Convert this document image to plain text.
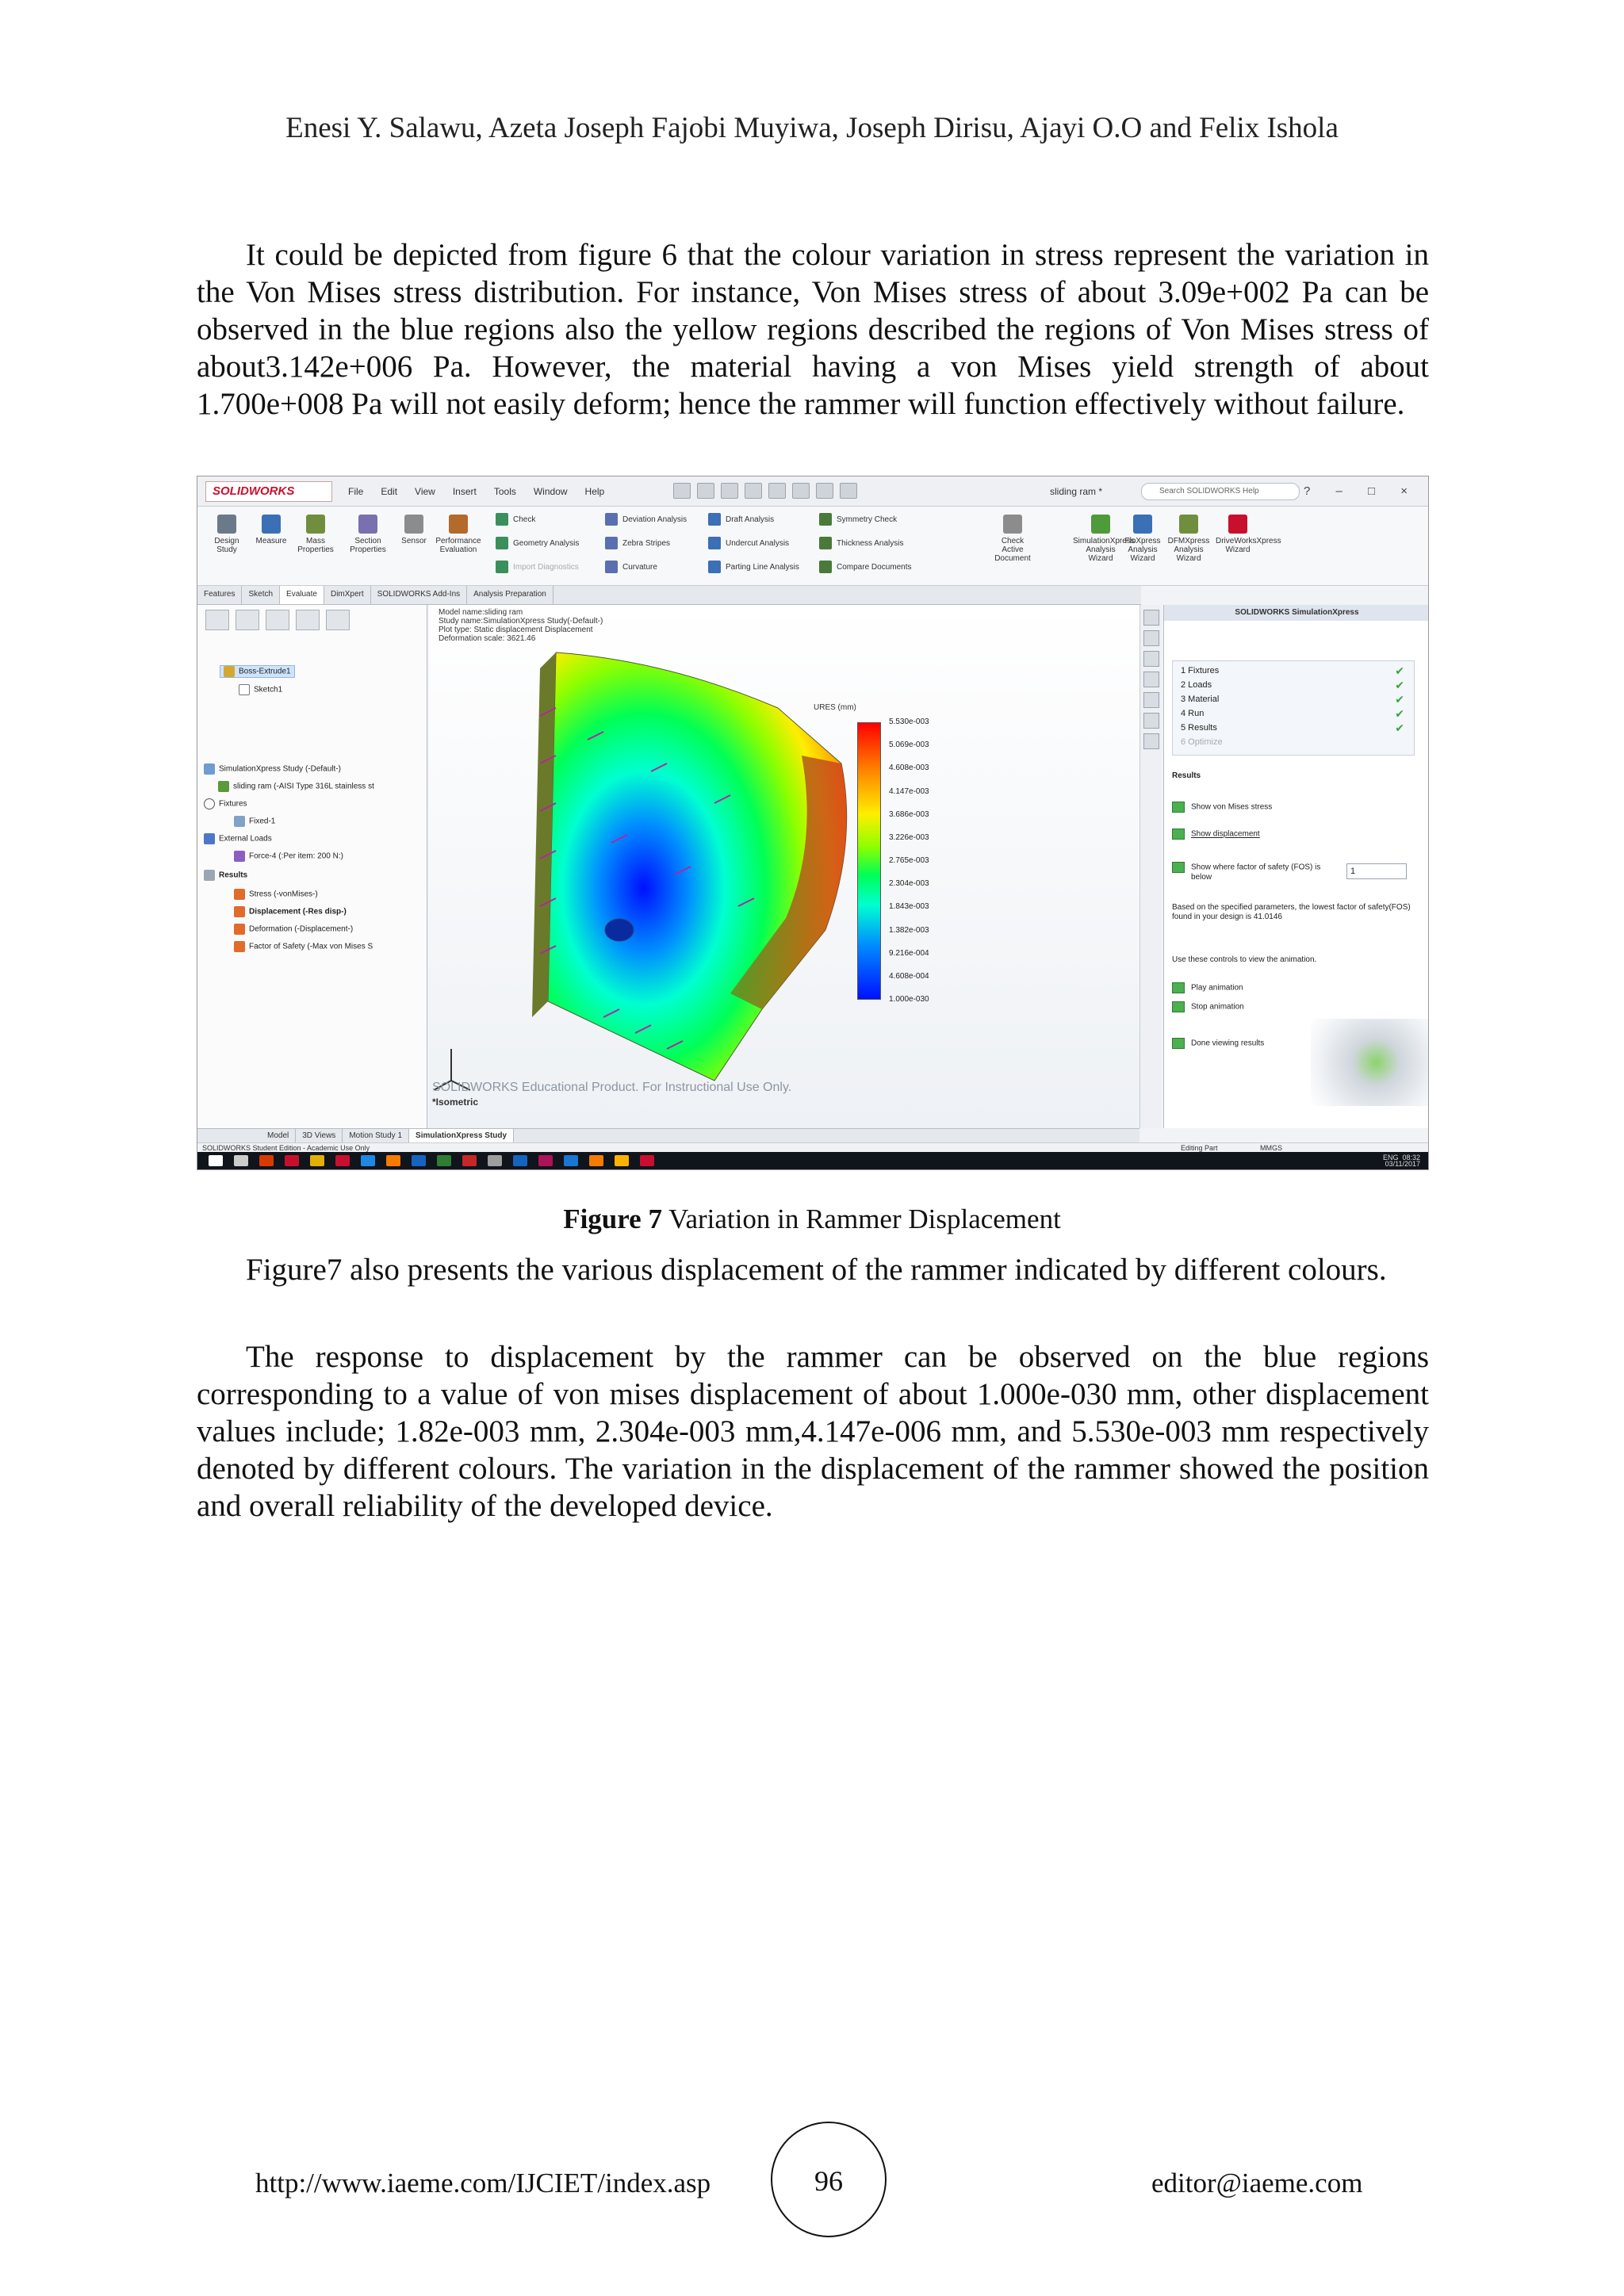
Enesi Y. Salawu, Azeta Joseph Fajobi Muyiwa, Joseph Dirisu, Ajayi O.O and Felix Ishola

It could be depicted from figure 6 that the colour variation in stress represent the variation in the Von Mises stress distribution. For instance, Von Mises stress of about 3.09e+002 Pa can be observed in the blue regions also the yellow regions described the regions of Von Mises stress of about3.142e+006 Pa. However, the material having a von Mises yield strength of about 1.700e+008 Pa will not easily deform; hence the rammer will function effectively without failure.

SOLIDWORKS	File Edit View Insert Tools Window Help	sliding ram *	Search SOLIDWORKS Help	? – □ ×
Design Study
Measure	Mass Properties
Section Properties
Sensor	Performance Evaluation
Check
Geometry Analysis
Import Diagnostics
Deviation Analysis
Zebra Stripes
Curvature
Draft Analysis
Undercut Analysis
Parting Line Analysis
Symmetry Check
Thickness Analysis
Compare Documents
Check Active Document
SimulationXpress Analysis Wizard
FloXpress Analysis Wizard
DFMXpress Analysis Wizard
DriveWorksXpress Wizard
Features Sketch Evaluate DimXpert SOLIDWORKS Add-Ins Analysis Preparation
Boss-Extrude1
Sketch1
SimulationXpress Study (-Default-)
sliding ram (-AISI Type 316L stainless st
Fixtures
Fixed-1
External Loads
Force-4 (:Per item: 200 N:)
Results
Stress (-vonMises-)
Displacement (-Res disp-)
Deformation (-Displacement-)
Factor of Safety (-Max von Mises S
Model name:sliding ram
Study name:SimulationXpress Study(-Default-)
Plot type: Static displacement Displacement
Deformation scale: 3621.46
URES (mm)
5.530e-003
5.069e-003
4.608e-003
4.147e-003
3.686e-003
3.226e-003
2.765e-003
2.304e-003
1.843e-003
1.382e-003
9.216e-004
4.608e-004
1.000e-030
SOLIDWORKS Educational Product. For Instructional Use Only.
*Isometric
SOLIDWORKS SimulationXpress
1 Fixtures	✔
2 Loads	✔
3 Material	✔
4 Run	✔
5 Results	✔
6 Optimize
Results
Show von Mises stress
Show displacement
Show where factor of safety (FOS) is below
1
Based on the specified parameters, the lowest factor of safety(FOS) found in your design is 41.0146
Use these controls to view the animation.
Play animation
Stop animation
Done viewing results
Model 3D Views Motion Study 1 SimulationXpress Study
SOLIDWORKS Student Edition - Academic Use Only	Editing Part	MMGS
ENG 08:32
03/11/2017
Figure 7 Variation in Rammer Displacement

Figure7 also presents the various displacement of the rammer indicated by different colours.

The response to displacement by the rammer can be observed on the blue regions corresponding to a value of von mises displacement of about 1.000e-030 mm, other displacement values include; 1.82e-003 mm, 2.304e-003 mm,4.147e-006 mm, and 5.530e-003 mm respectively denoted by different colours. The variation in the displacement of the rammer showed the position and overall reliability of the developed device.

http://www.iaeme.com/IJCIET/index.asp	96	editor@iaeme.com
